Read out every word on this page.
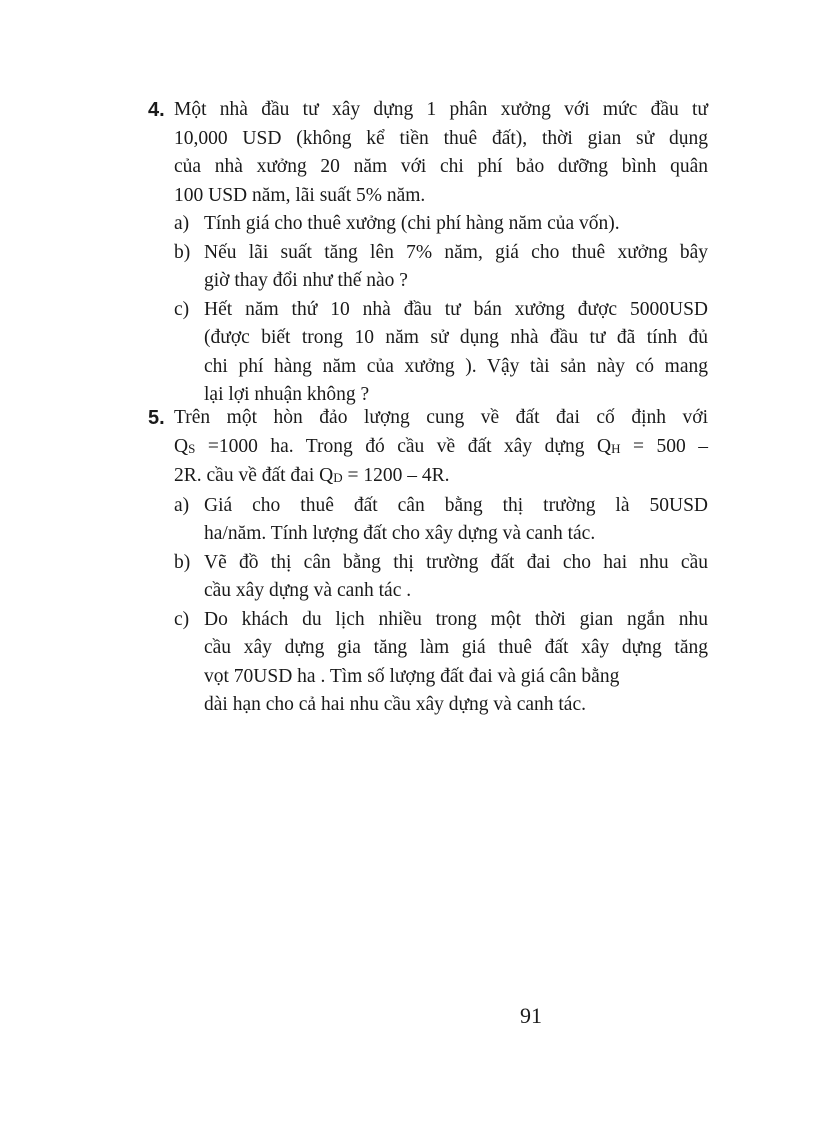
4. Một nhà đầu tư xây dựng 1 phân xưởng với mức đầu tư
10,000 USD (không kể tiền thuê đất), thời gian sử dụng
của nhà xưởng 20 năm với chi phí bảo dưỡng bình quân
100 USD năm, lãi suất 5% năm.
a) Tính giá cho thuê xưởng (chi phí hàng năm của vốn).
b) Nếu lãi suất tăng lên 7% năm, giá cho thuê xưởng bây
giờ thay đổi như thế nào ?
c) Hết năm thứ 10 nhà đầu tư bán xưởng được 5000USD
(được biết trong 10 năm sử dụng nhà đầu tư đã tính đủ
chi phí hàng năm của xưởng ). Vậy tài sản này có mang
lại lợi nhuận không ?
5. Trên một hòn đảo lượng cung về đất đai cố định với
QS =1000 ha. Trong đó cầu về đất xây dựng QH = 500 –
2R. cầu về đất đai QD = 1200 – 4R.
a) Giá cho thuê đất cân bằng thị trường là 50USD
ha/năm. Tính lượng đất cho xây dựng và canh tác.
b) Vẽ đồ thị cân bằng thị trường đất đai cho hai nhu cầu
cầu xây dựng và canh tác .
c) Do khách du lịch nhiều trong một thời gian ngắn nhu
cầu xây dựng gia tăng làm giá thuê đất xây dựng tăng
vọt 70USD ha . Tìm số lượng đất đai và giá cân bằng
dài hạn cho cả hai nhu cầu xây dựng và canh tác.
91
